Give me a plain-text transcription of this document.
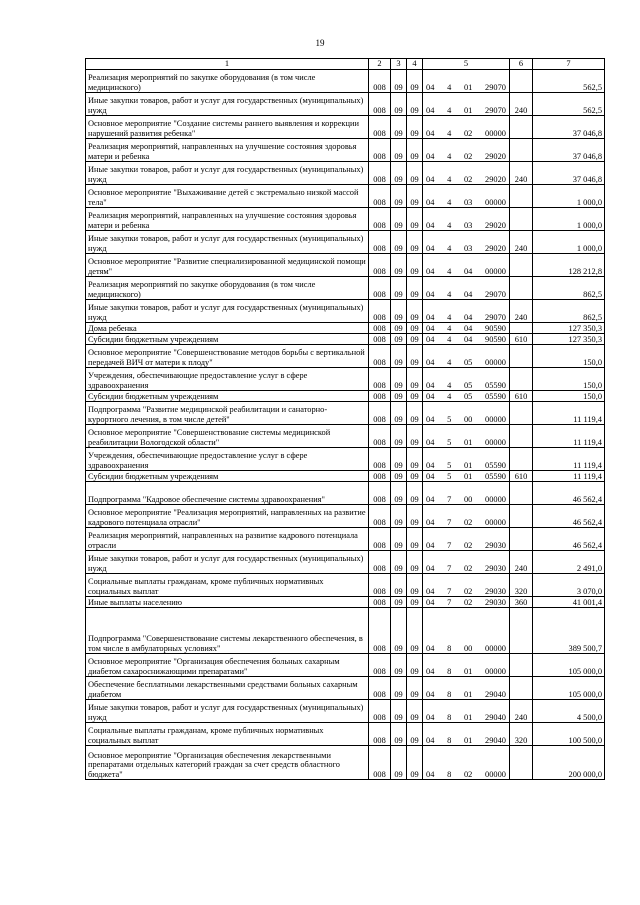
19
1	2	3	4	5	6	7
Реализация мероприятий по закупке оборудования (в том числе медицинского)	008	09	09	04 4 01 29070		562,5
Иные закупки товаров, работ и услуг для государственных (муниципальных) нужд	008	09	09	04 4 01 29070	240	562,5
Основное мероприятие "Создание системы раннего выявления и коррекции нарушений развития ребенка"	008	09	09	04 4 02 00000		37 046,8
Реализация мероприятий, направленных на улучшение состояния здоровья матери и ребенка	008	09	09	04 4 02 29020		37 046,8
Иные закупки товаров, работ и услуг для государственных (муниципальных) нужд	008	09	09	04 4 02 29020	240	37 046,8
Основное мероприятие "Выхаживание детей с экстремально низкой массой тела"	008	09	09	04 4 03 00000		1 000,0
Реализация мероприятий, направленных на улучшение состояния здоровья матери и ребенка	008	09	09	04 4 03 29020		1 000,0
Иные закупки товаров, работ и услуг для государственных (муниципальных) нужд	008	09	09	04 4 03 29020	240	1 000,0
Основное мероприятие "Развитие специализированной медицинской помощи детям"	008	09	09	04 4 04 00000		128 212,8
Реализация мероприятий по закупке оборудования (в том числе медицинского)	008	09	09	04 4 04 29070		862,5
Иные закупки товаров, работ и услуг для государственных (муниципальных) нужд	008	09	09	04 4 04 29070	240	862,5
Дома ребенка	008	09	09	04 4 04 90590		127 350,3
Субсидии бюджетным учреждениям	008	09	09	04 4 04 90590	610	127 350,3
Основное мероприятие "Совершенствование методов борьбы с вертикальной передачей ВИЧ от матери к плоду"	008	09	09	04 4 05 00000		150,0
Учреждения, обеспечивающие предоставление услуг в сфере здравоохранения	008	09	09	04 4 05 05590		150,0
Субсидии бюджетным учреждениям	008	09	09	04 4 05 05590	610	150,0
Подпрограмма "Развитие медицинской реабилитации и санаторно-курортного лечения, в том числе детей"	008	09	09	04 5 00 00000		11 119,4
Основное мероприятие "Совершенствование системы медицинской реабилитации Вологодской области"	008	09	09	04 5 01 00000		11 119,4
Учреждения, обеспечивающие предоставление услуг в сфере здравоохранения	008	09	09	04 5 01 05590		11 119,4
Субсидии бюджетным учреждениям	008	09	09	04 5 01 05590	610	11 119,4
Подпрограмма "Кадровое обеспечение системы здравоохранения"	008	09	09	04 7 00 00000		46 562,4
Основное мероприятие "Реализация мероприятий, направленных на развитие кадрового потенциала отрасли"	008	09	09	04 7 02 00000		46 562,4
Реализация мероприятий, направленных на развитие кадрового потенциала отрасли	008	09	09	04 7 02 29030		46 562,4
Иные закупки товаров, работ и услуг для государственных (муниципальных) нужд	008	09	09	04 7 02 29030	240	2 491,0
Социальные выплаты гражданам, кроме публичных нормативных социальных выплат	008	09	09	04 7 02 29030	320	3 070,0
Иные выплаты населению	008	09	09	04 7 02 29030	360	41 001,4
Подпрограмма "Совершенствование системы лекарственного обеспечения, в том числе в амбулаторных условиях"	008	09	09	04 8 00 00000		389 500,7
Основное мероприятие "Организация обеспечения больных сахарным диабетом сахароснижающими препаратами"	008	09	09	04 8 01 00000		105 000,0
Обеспечение бесплатными лекарственными средствами больных сахарным диабетом	008	09	09	04 8 01 29040		105 000,0
Иные закупки товаров, работ и услуг для государственных (муниципальных) нужд	008	09	09	04 8 01 29040	240	4 500,0
Социальные выплаты гражданам, кроме публичных нормативных социальных выплат	008	09	09	04 8 01 29040	320	100 500,0
Основное мероприятие "Организация обеспечения лекарственными препаратами отдельных категорий граждан за счет средств областного бюджета"	008	09	09	04 8 02 00000		200 000,0
